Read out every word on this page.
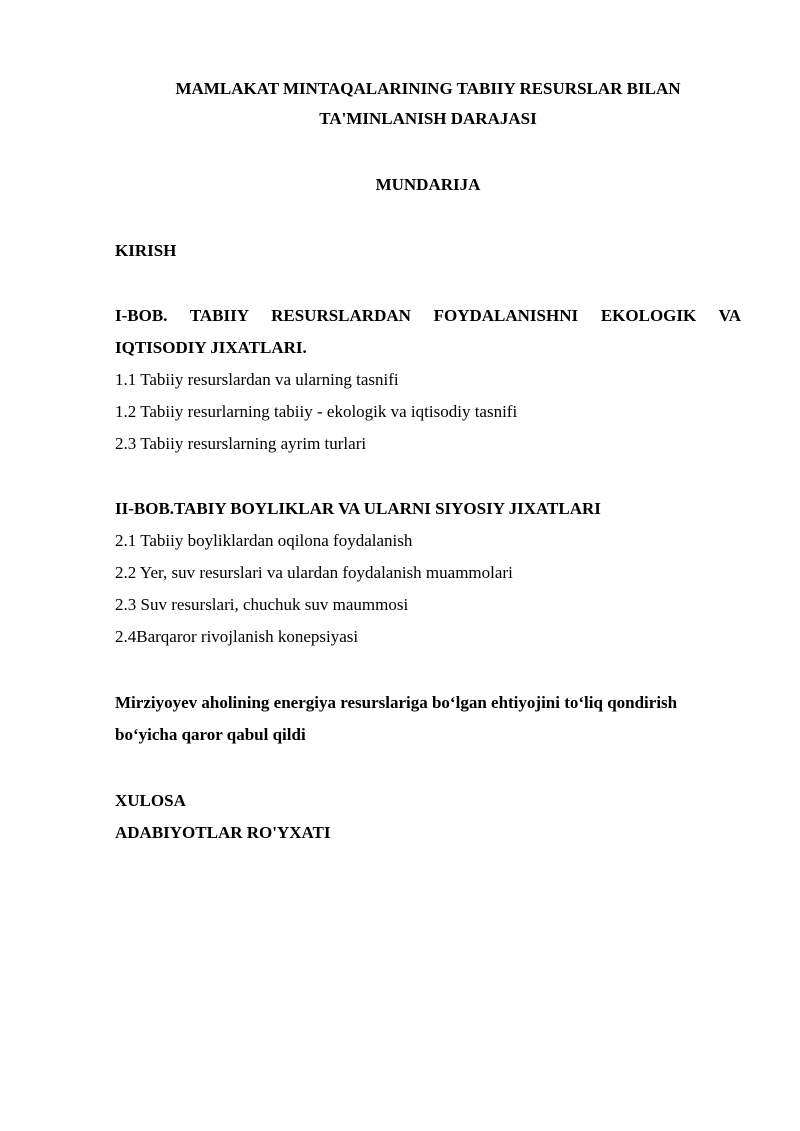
MAMLAKAT MINTAQALARINING TABIIY RESURSLAR BILAN
TA'MINLANISH DARAJASI
MUNDARIJA
KIRISH
I-BOB. TABIIY RESURSLARDAN FOYDALANISHNI EKOLOGIK VA
IQTISODIY JIXATLARI.
1.1 Tabiiy resurslardan va ularning tasnifi
1.2 Tabiiy resurlarning tabiiy - ekologik va iqtisodiy tasnifi
2.3 Tabiiy resurslarning ayrim turlari
II-BOB.TABIY BOYLIKLAR VA ULARNI SIYOSIY JIXATLARI
2.1 Tabiiy boyliklardan oqilona foydalanish
2.2 Yer, suv resurslari va ulardan foydalanish muammolari
2.3 Suv resurslari, chuchuk suv maummosi
2.4Barqaror rivojlanish konepsiyasi
Mirziyoyev aholining energiya resurslariga bo‘lgan ehtiyojini to‘liq qondirish
bo‘yicha qaror qabul qildi
XULOSA
ADABIYOTLAR RO'YXATI
